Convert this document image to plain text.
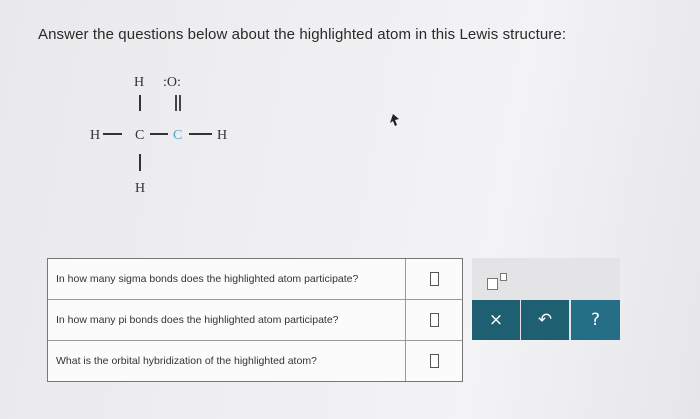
Answer the questions below about the highlighted atom in this Lewis structure:
H :O:
H C C H
H
In how many sigma bonds does the highlighted atom participate?
In how many pi bonds does the highlighted atom participate?
What is the orbital hybridization of the highlighted atom?
×	↶	?
